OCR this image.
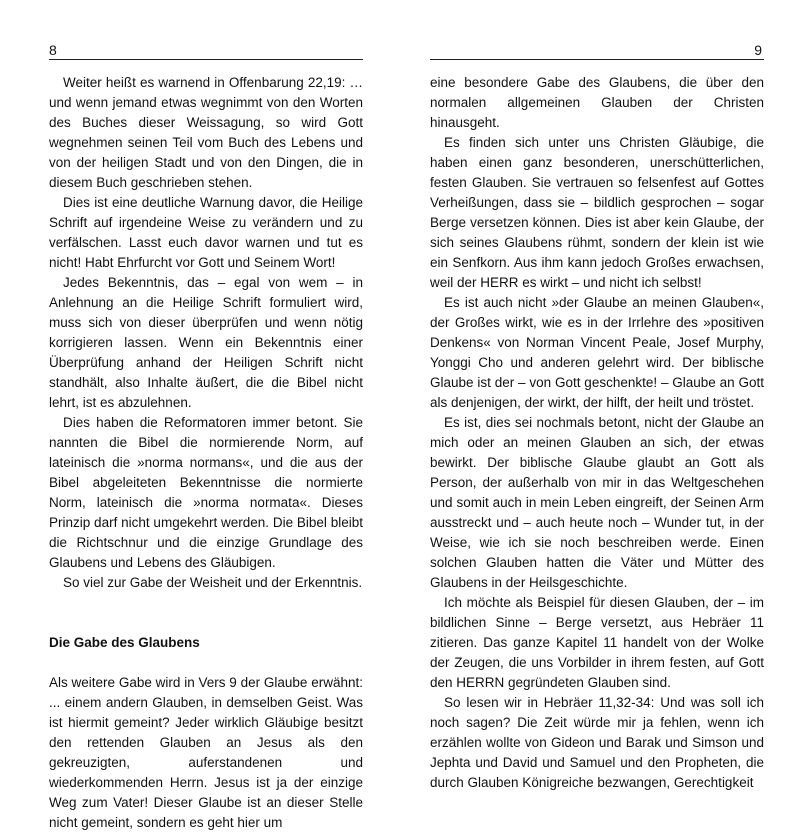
8

Weiter heißt es warnend in Offenbarung 22,19: … und wenn jemand etwas wegnimmt von den Worten des Buches dieser Weissagung, so wird Gott wegnehmen seinen Teil vom Buch des Lebens und von der heiligen Stadt und von den Dingen, die in diesem Buch geschrieben stehen.

Dies ist eine deutliche Warnung davor, die Heilige Schrift auf irgendeine Weise zu verändern und zu verfälschen. Lasst euch davor warnen und tut es nicht! Habt Ehrfurcht vor Gott und Seinem Wort!

Jedes Bekenntnis, das – egal von wem – in Anlehnung an die Heilige Schrift formuliert wird, muss sich von dieser überprüfen und wenn nötig korrigieren lassen. Wenn ein Bekenntnis einer Überprüfung anhand der Heiligen Schrift nicht standhält, also Inhalte äußert, die die Bibel nicht lehrt, ist es abzulehnen.

Dies haben die Reformatoren immer betont. Sie nannten die Bibel die normierende Norm, auf lateinisch die »norma normans«, und die aus der Bibel abgeleiteten Bekenntnisse die normierte Norm, lateinisch die »norma normata«. Dieses Prinzip darf nicht umgekehrt werden. Die Bibel bleibt die Richtschnur und die einzige Grundlage des Glaubens und Lebens des Gläubigen.

So viel zur Gabe der Weisheit und der Erkenntnis.

Die Gabe des Glaubens

Als weitere Gabe wird in Vers 9 der Glaube erwähnt: ... einem andern Glauben, in demselben Geist. Was ist hiermit gemeint? Jeder wirklich Gläubige besitzt den rettenden Glauben an Jesus als den gekreuzigten, auferstandenen und wiederkommenden Herrn. Jesus ist ja der einzige Weg zum Vater! Dieser Glaube ist an dieser Stelle nicht gemeint, sondern es geht hier um

9

eine besondere Gabe des Glaubens, die über den normalen allgemeinen Glauben der Christen hinausgeht.

Es finden sich unter uns Christen Gläubige, die haben einen ganz besonderen, unerschütterlichen, festen Glauben. Sie vertrauen so felsenfest auf Gottes Verheißungen, dass sie – bildlich gesprochen – sogar Berge versetzen können. Dies ist aber kein Glaube, der sich seines Glaubens rühmt, sondern der klein ist wie ein Senfkorn. Aus ihm kann jedoch Großes erwachsen, weil der HERR es wirkt – und nicht ich selbst!

Es ist auch nicht »der Glaube an meinen Glauben«, der Großes wirkt, wie es in der Irrlehre des »positiven Denkens« von Norman Vincent Peale, Josef Murphy, Yonggi Cho und anderen gelehrt wird. Der biblische Glaube ist der – von Gott geschenkte! – Glaube an Gott als denjenigen, der wirkt, der hilft, der heilt und tröstet.

Es ist, dies sei nochmals betont, nicht der Glaube an mich oder an meinen Glauben an sich, der etwas bewirkt. Der biblische Glaube glaubt an Gott als Person, der außerhalb von mir in das Weltgeschehen und somit auch in mein Leben eingreift, der Seinen Arm ausstreckt und – auch heute noch – Wunder tut, in der Weise, wie ich sie noch beschreiben werde. Einen solchen Glauben hatten die Väter und Mütter des Glaubens in der Heilsgeschichte.

Ich möchte als Beispiel für diesen Glauben, der – im bildlichen Sinne – Berge versetzt, aus Hebräer 11 zitieren. Das ganze Kapitel 11 handelt von der Wolke der Zeugen, die uns Vorbilder in ihrem festen, auf Gott den HERRN gegründeten Glauben sind.

So lesen wir in Hebräer 11,32-34: Und was soll ich noch sagen? Die Zeit würde mir ja fehlen, wenn ich erzählen wollte von Gideon und Barak und Simson und Jephta und David und Samuel und den Propheten, die durch Glauben Königreiche bezwangen, Gerechtigkeit
